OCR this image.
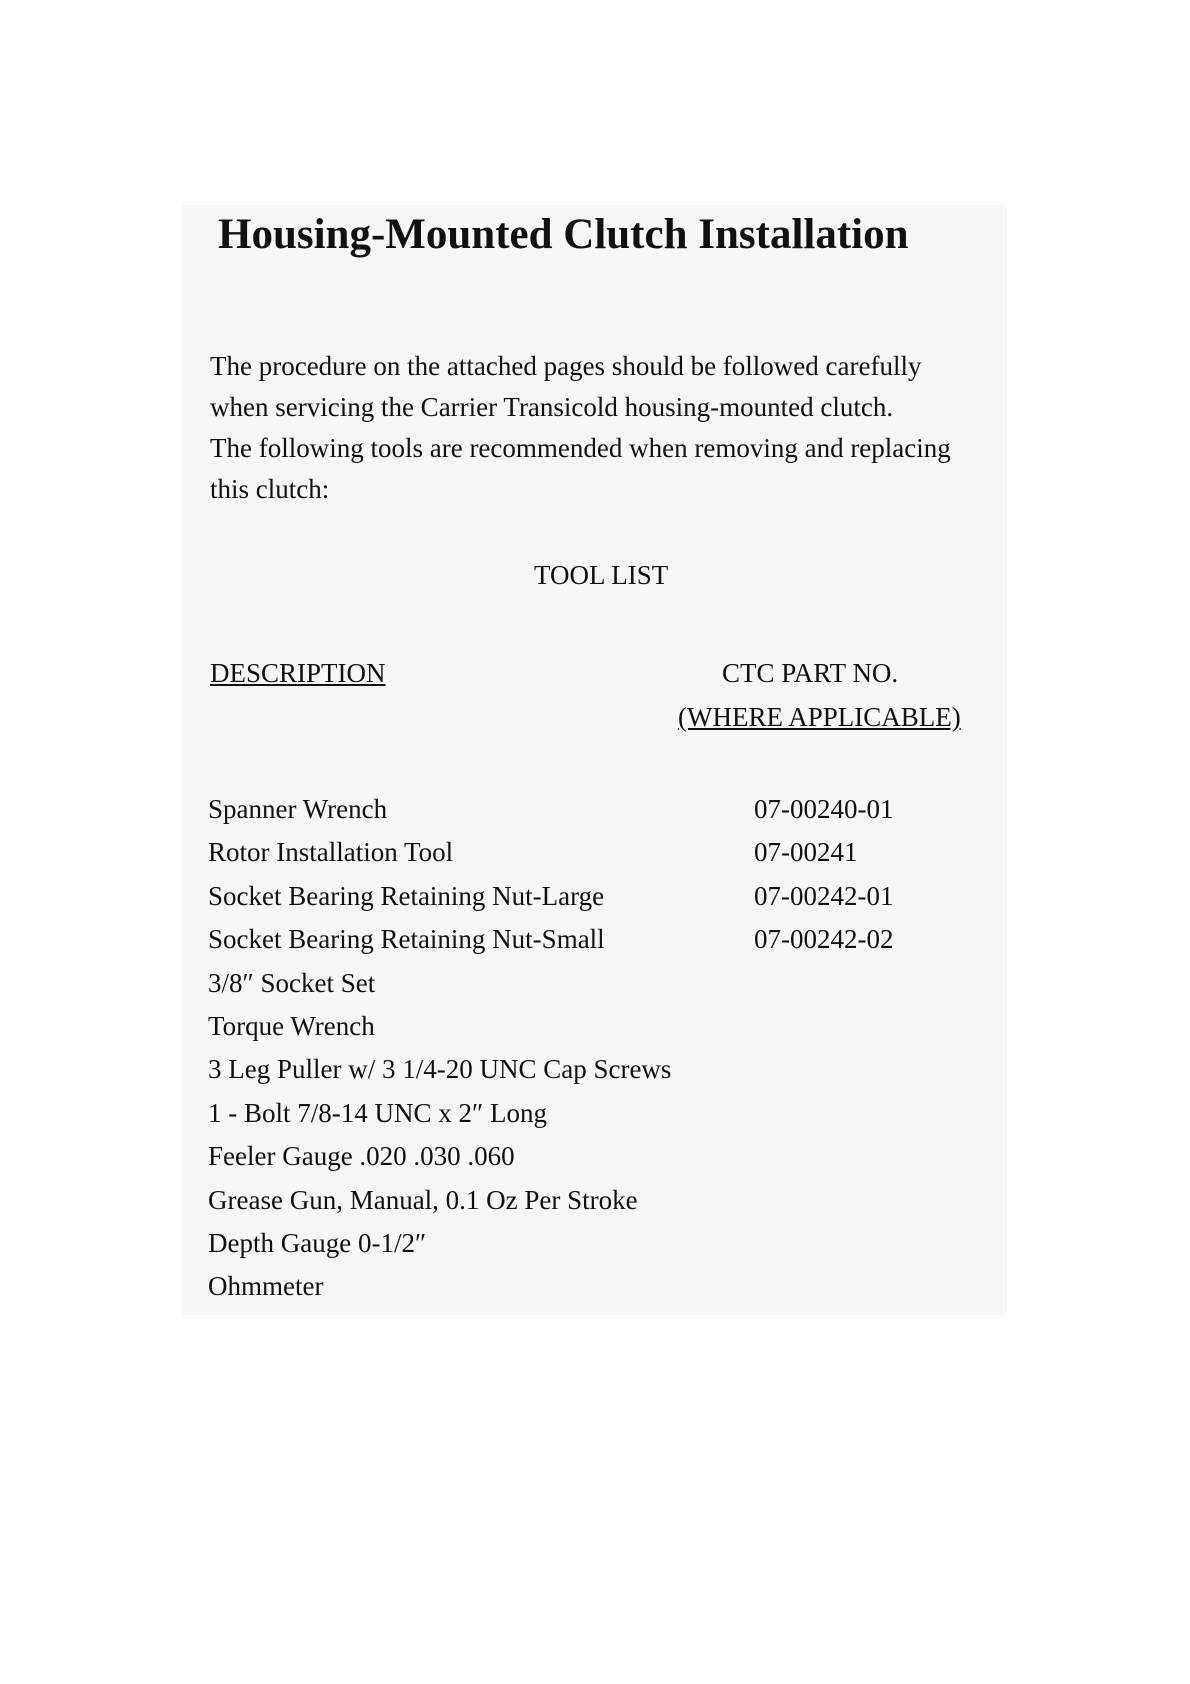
Housing-Mounted Clutch Installation

The procedure on the attached pages should be followed carefully
when servicing the Carrier Transicold housing-mounted clutch.
The following tools are recommended when removing and replacing
this clutch:

TOOL LIST
DESCRIPTION	CTC PART NO.
(WHERE APPLICABLE)
Spanner Wrench	07-00240-01
Rotor Installation Tool	07-00241
Socket Bearing Retaining Nut-Large	07-00242-01
Socket Bearing Retaining Nut-Small	07-00242-02
3/8″ Socket Set
Torque Wrench
3 Leg Puller w/ 3 1/4-20 UNC Cap Screws
1 - Bolt 7/8-14 UNC x 2″ Long
Feeler Gauge .020 .030 .060
Grease Gun, Manual, 0.1 Oz Per Stroke
Depth Gauge 0-1/2″
Ohmmeter
